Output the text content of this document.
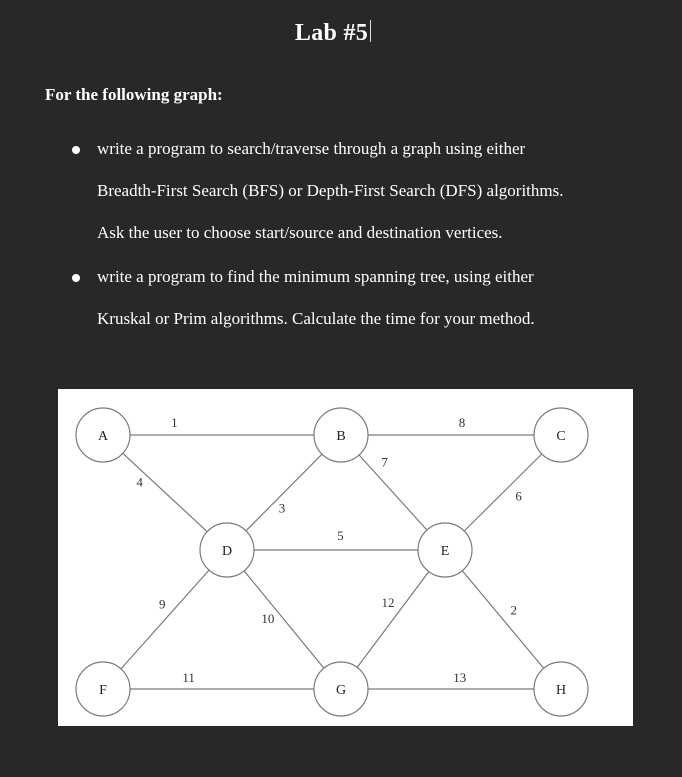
Lab #5
For the following graph:
write a program to search/traverse through a graph using either
Breadth-First Search (BFS) or Depth-First Search (DFS) algorithms.
Ask the user to choose start/source and destination vertices.
write a program to find the minimum spanning tree, using either
Kruskal or Prim algorithms. Calculate the time for your method.
1	8
4
3
7
6
5
9
10
12
2
11	13
A	B	C
D	E
F	G	H
